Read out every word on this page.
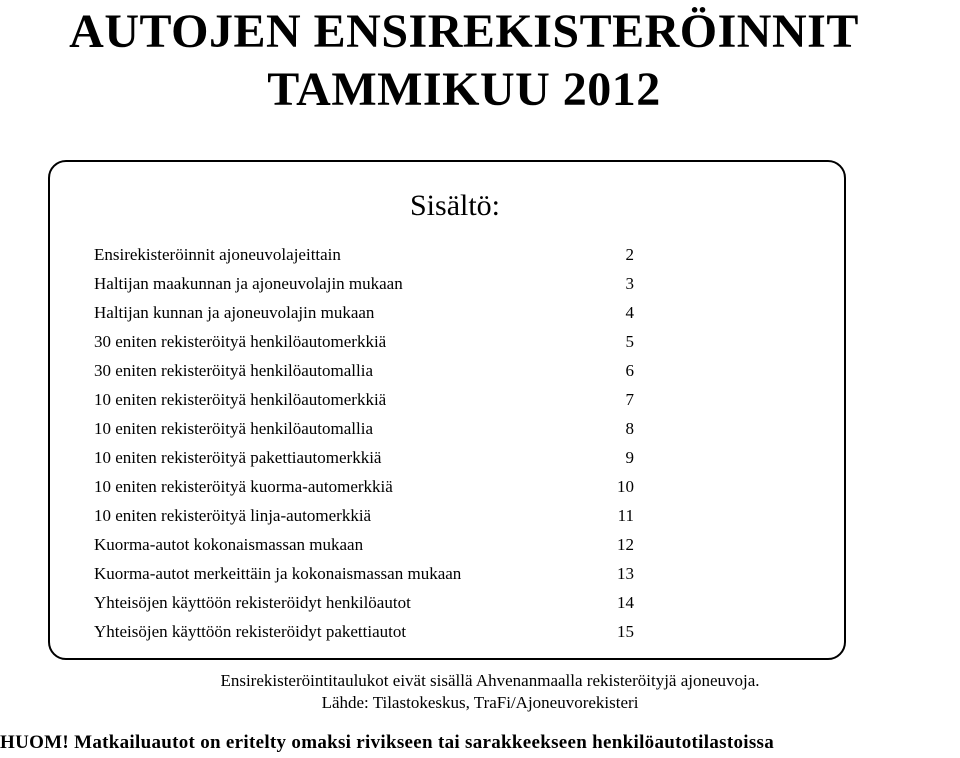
AUTOJEN ENSIREKISTERÖINNIT
TAMMIKUU 2012
Sisältö:
Ensirekisteröinnit ajoneuvolajeittain	2
Haltijan maakunnan ja ajoneuvolajin mukaan	3
Haltijan kunnan ja ajoneuvolajin mukaan	4
30 eniten rekisteröityä henkilöautomerkkiä	5
30 eniten rekisteröityä henkilöautomallia	6
10 eniten rekisteröityä henkilöautomerkkiä	7
10 eniten rekisteröityä henkilöautomallia	8
10 eniten rekisteröityä pakettiautomerkkiä	9
10 eniten rekisteröityä kuorma-automerkkiä	10
10 eniten rekisteröityä linja-automerkkiä	11
Kuorma-autot kokonaismassan mukaan	12
Kuorma-autot merkeittäin ja kokonaismassan mukaan	13
Yhteisöjen käyttöön rekisteröidyt henkilöautot	14
Yhteisöjen käyttöön rekisteröidyt pakettiautot	15
Ensirekisteröintitaulukot eivät sisällä Ahvenanmaalla rekisteröityjä ajoneuvoja.
Lähde: Tilastokeskus, TraFi/Ajoneuvorekisteri
HUOM! Matkailuautot on eritelty omaksi rivikseen tai sarakkeekseen henkilöautotilastoissa
